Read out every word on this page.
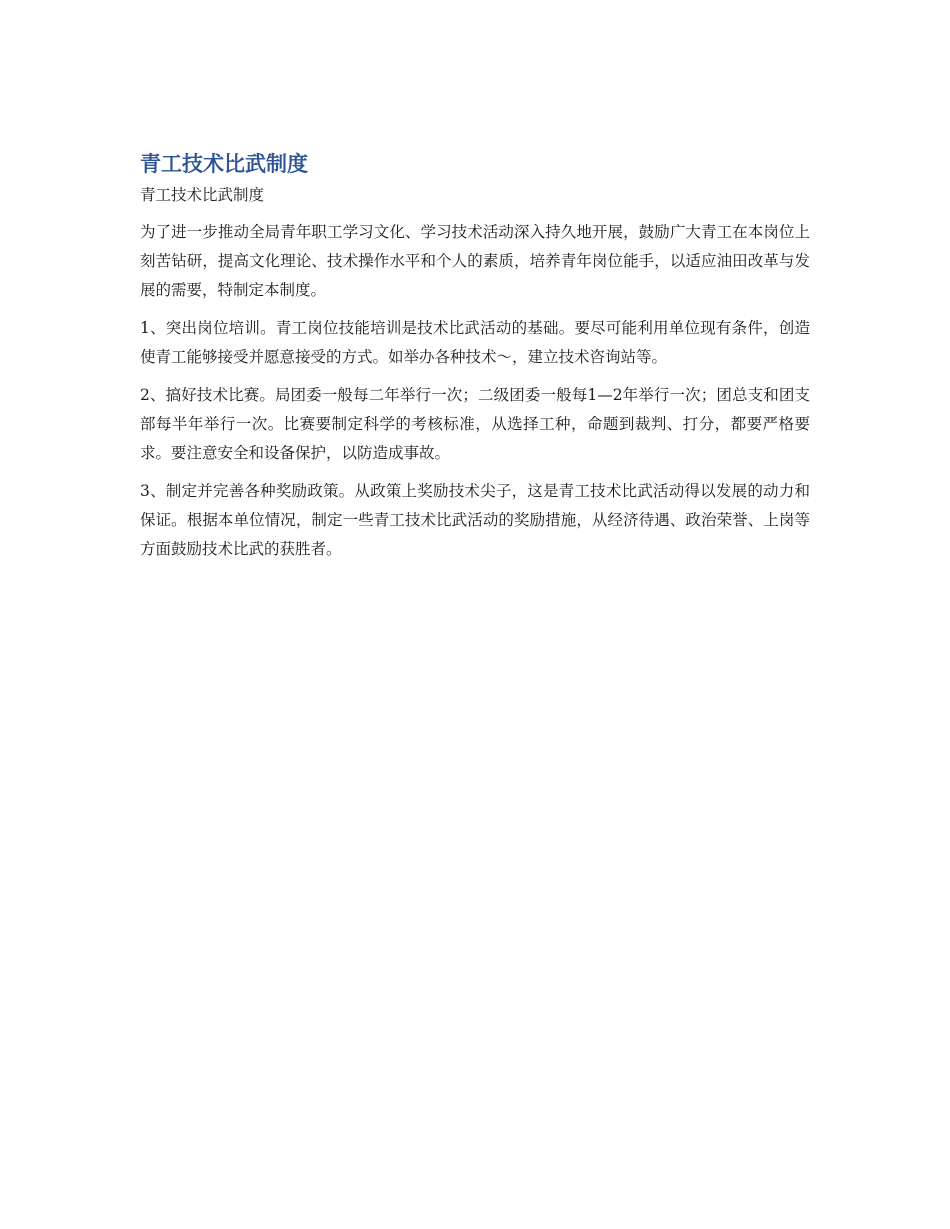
青工技术比武制度
青工技术比武制度

为了进一步推动全局青年职工学习文化、学习技术活动深入持久地开展，鼓励广大青工在本岗位上刻苦钻研，提高文化理论、技术操作水平和个人的素质，培养青年岗位能手，以适应油田改革与发展的需要，特制定本制度。

1、突出岗位培训。青工岗位技能培训是技术比武活动的基础。要尽可能利用单位现有条件，创造使青工能够接受并愿意接受的方式。如举办各种技术～，建立技术咨询站等。

2、搞好技术比赛。局团委一般每二年举行一次；二级团委一般每1—2年举行一次；团总支和团支部每半年举行一次。比赛要制定科学的考核标准，从选择工种，命题到裁判、打分，都要严格要求。要注意安全和设备保护，以防造成事故。

3、制定并完善各种奖励政策。从政策上奖励技术尖子，这是青工技术比武活动得以发展的动力和保证。根据本单位情况，制定一些青工技术比武活动的奖励措施，从经济待遇、政治荣誉、上岗等方面鼓励技术比武的获胜者。
